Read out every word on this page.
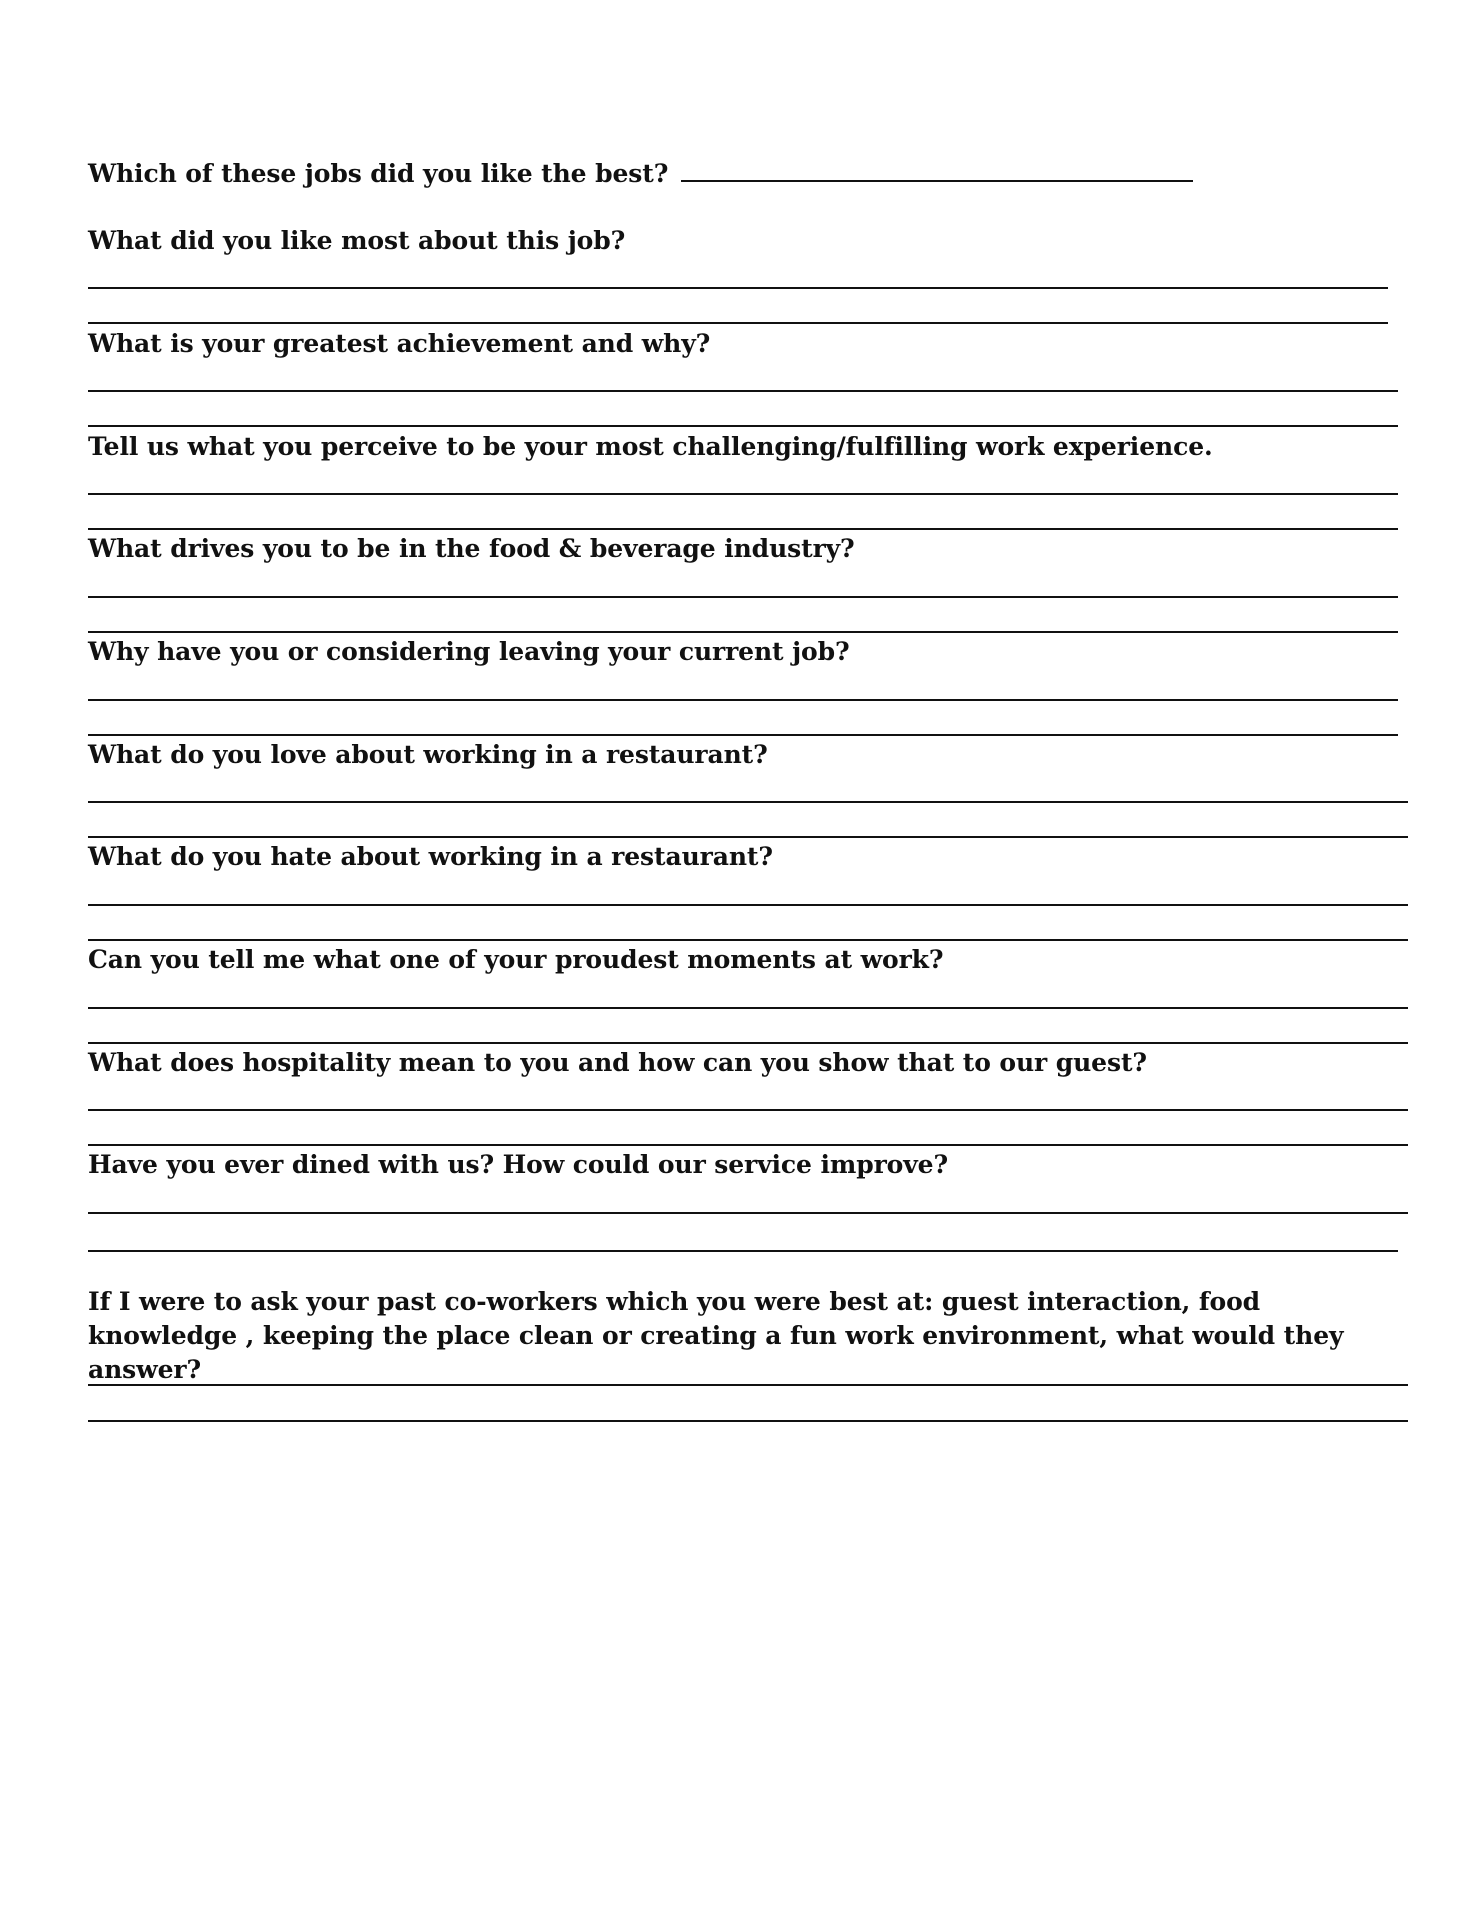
Which of these jobs did you like the best?
What did you like most about this job?
What is your greatest achievement and why?
Tell us what you perceive to be your most challenging/fulfilling work experience.
What drives you to be in the food & beverage industry?
Why have you or considering leaving your current job?
What do you love about working in a restaurant?
What do you hate about working in a restaurant?
Can you tell me what one of your proudest moments at work?
What does hospitality mean to you and how can you show that to our guest?
Have you ever dined with us? How could our service improve?
If I were to ask your past co-workers which you were best at: guest interaction, food knowledge , keeping the place clean or creating a fun work environment, what would they answer?
